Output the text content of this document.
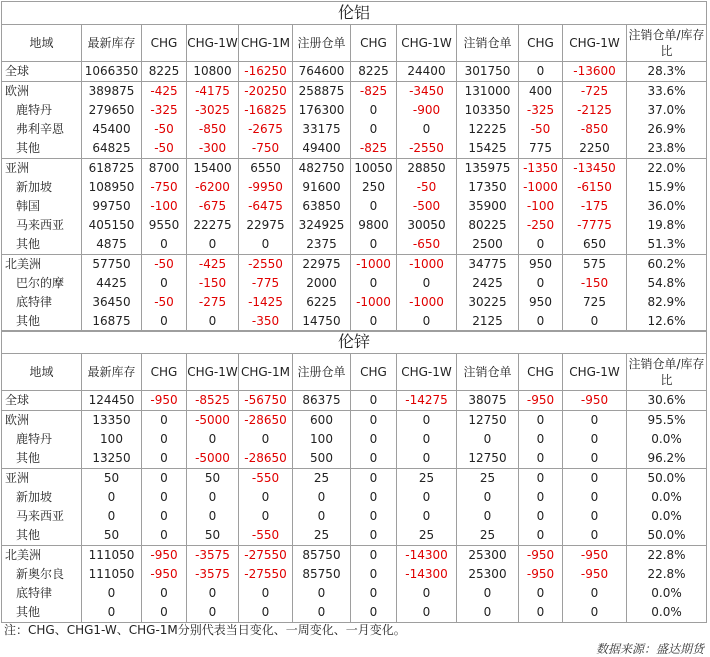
伦铝											
地域	最新库存	CHG	CHG-1W	CHG-1M	注册仓单	CHG	CHG-1W	注销仓单	CHG	CHG-1W	注销仓单/库存比
全球	1066350	8225	10800	-16250	764600	8225	24400	301750	0	-13600	28.3%
欧洲	389875	-425	-4175	-20250	258875	-825	-3450	131000	400	-725	33.6%
鹿特丹	279650	-325	-3025	-16825	176300	0	-900	103350	-325	-2125	37.0%
弗利辛恩	45400	-50	-850	-2675	33175	0	0	12225	-50	-850	26.9%
其他	64825	-50	-300	-750	49400	-825	-2550	15425	775	2250	23.8%
亚洲	618725	8700	15400	6550	482750	10050	28850	135975	-1350	-13450	22.0%
新加坡	108950	-750	-6200	-9950	91600	250	-50	17350	-1000	-6150	15.9%
韩国	99750	-100	-675	-6475	63850	0	-500	35900	-100	-175	36.0%
马来西亚	405150	9550	22275	22975	324925	9800	30050	80225	-250	-7775	19.8%
其他	4875	0	0	0	2375	0	-650	2500	0	650	51.3%
北美洲	57750	-50	-425	-2550	22975	-1000	-1000	34775	950	575	60.2%
巴尔的摩	4425	0	-150	-775	2000	0	0	2425	0	-150	54.8%
底特律	36450	-50	-275	-1425	6225	-1000	-1000	30225	950	725	82.9%
其他	16875	0	0	-350	14750	0	0	2125	0	0	12.6%
伦锌											
地域	最新库存	CHG	CHG-1W	CHG-1M	注册仓单	CHG	CHG-1W	注销仓单	CHG	CHG-1W	注销仓单/库存比
全球	124450	-950	-8525	-56750	86375	0	-14275	38075	-950	-950	30.6%
欧洲	13350	0	-5000	-28650	600	0	0	12750	0	0	95.5%
鹿特丹	100	0	0	0	100	0	0	0	0	0	0.0%
其他	13250	0	-5000	-28650	500	0	0	12750	0	0	96.2%
亚洲	50	0	50	-550	25	0	25	25	0	0	50.0%
新加坡	0	0	0	0	0	0	0	0	0	0	0.0%
马来西亚	0	0	0	0	0	0	0	0	0	0	0.0%
其他	50	0	50	-550	25	0	25	25	0	0	50.0%
北美洲	111050	-950	-3575	-27550	85750	0	-14300	25300	-950	-950	22.8%
新奥尔良	111050	-950	-3575	-27550	85750	0	-14300	25300	-950	-950	22.8%
底特律	0	0	0	0	0	0	0	0	0	0	0.0%
其他	0	0	0	0	0	0	0	0	0	0	0.0%
注：CHG、CHG1-W、CHG-1M分别代表当日变化、一周变化、一月变化。
数据来源：盛达期货
